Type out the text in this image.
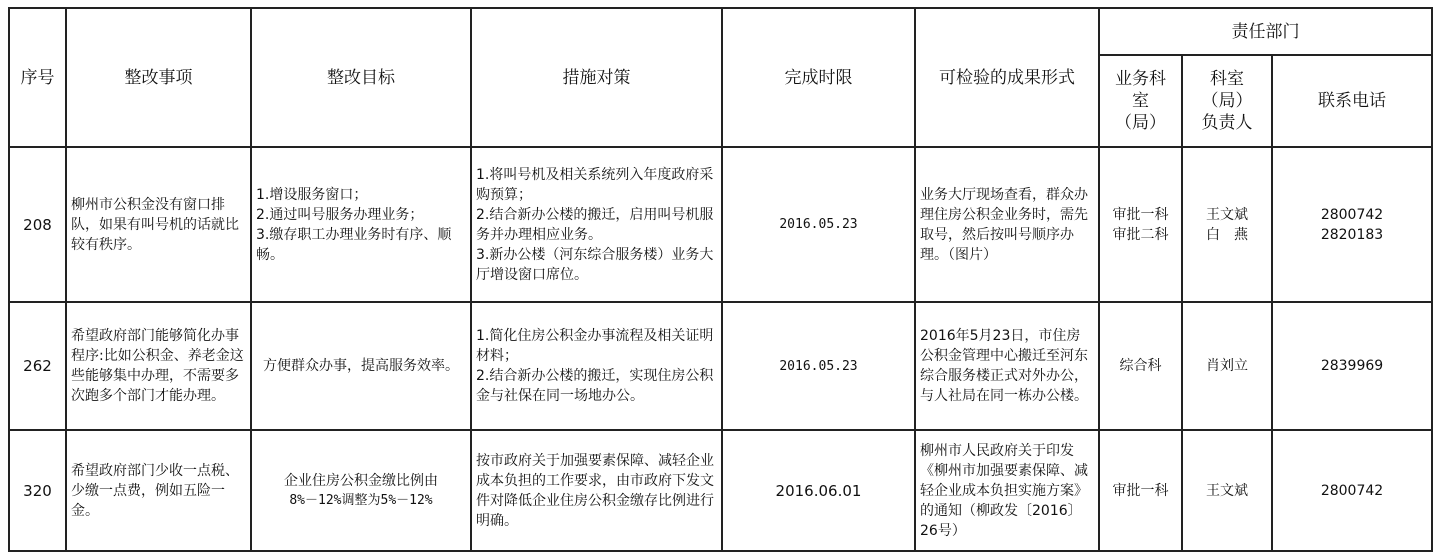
序号	整改事项	整改目标	措施对策	完成时限	可检验的成果形式	责任部门		

						业务科
室
（局）	科室
（局）
负责人	联系电话
208	柳州市公积金没有窗口排队，如果有叫号机的话就比较有秩序。	1.增设服务窗口；
2.通过叫号服务办理业务；
3.缴存职工办理业务时有序、顺畅。	1.将叫号机及相关系统列入年度政府采购预算；
2.结合新办公楼的搬迁，启用叫号机服务并办理相应业务。
3.新办公楼（河东综合服务楼）业务大厅增设窗口席位。	2016.05.23	业务大厅现场查看，群众办理住房公积金业务时，需先取号，然后按叫号顺序办理。（图片）	审批一科
审批二科	王文斌
白　燕	2800742
2820183

262	希望政府部门能够简化办事程序:比如公积金、养老金这些能够集中办理，不需要多次跑多个部门才能办理。	方便群众办事，提高服务效率。	1.简化住房公积金办事流程及相关证明材料；
2.结合新办公楼的搬迁，实现住房公积金与社保在同一场地办公。	2016.05.23	2016年5月23日，市住房公积金管理中心搬迁至河东综合服务楼正式对外办公，与人社局在同一栋办公楼。	综合科	肖刘立	2839969

320	希望政府部门少收一点税、少缴一点费，例如五险一金。	企业住房公积金缴比例由
8%－12%调整为5%－12%	按市政府关于加强要素保障、减轻企业成本负担的工作要求，由市政府下发文件对降低企业住房公积金缴存比例进行明确。	2016.06.01	柳州市人民政府关于印发《柳州市加强要素保障、减轻企业成本负担实施方案》的通知（柳政发〔2016〕26号）	审批一科	王文斌	2800742
